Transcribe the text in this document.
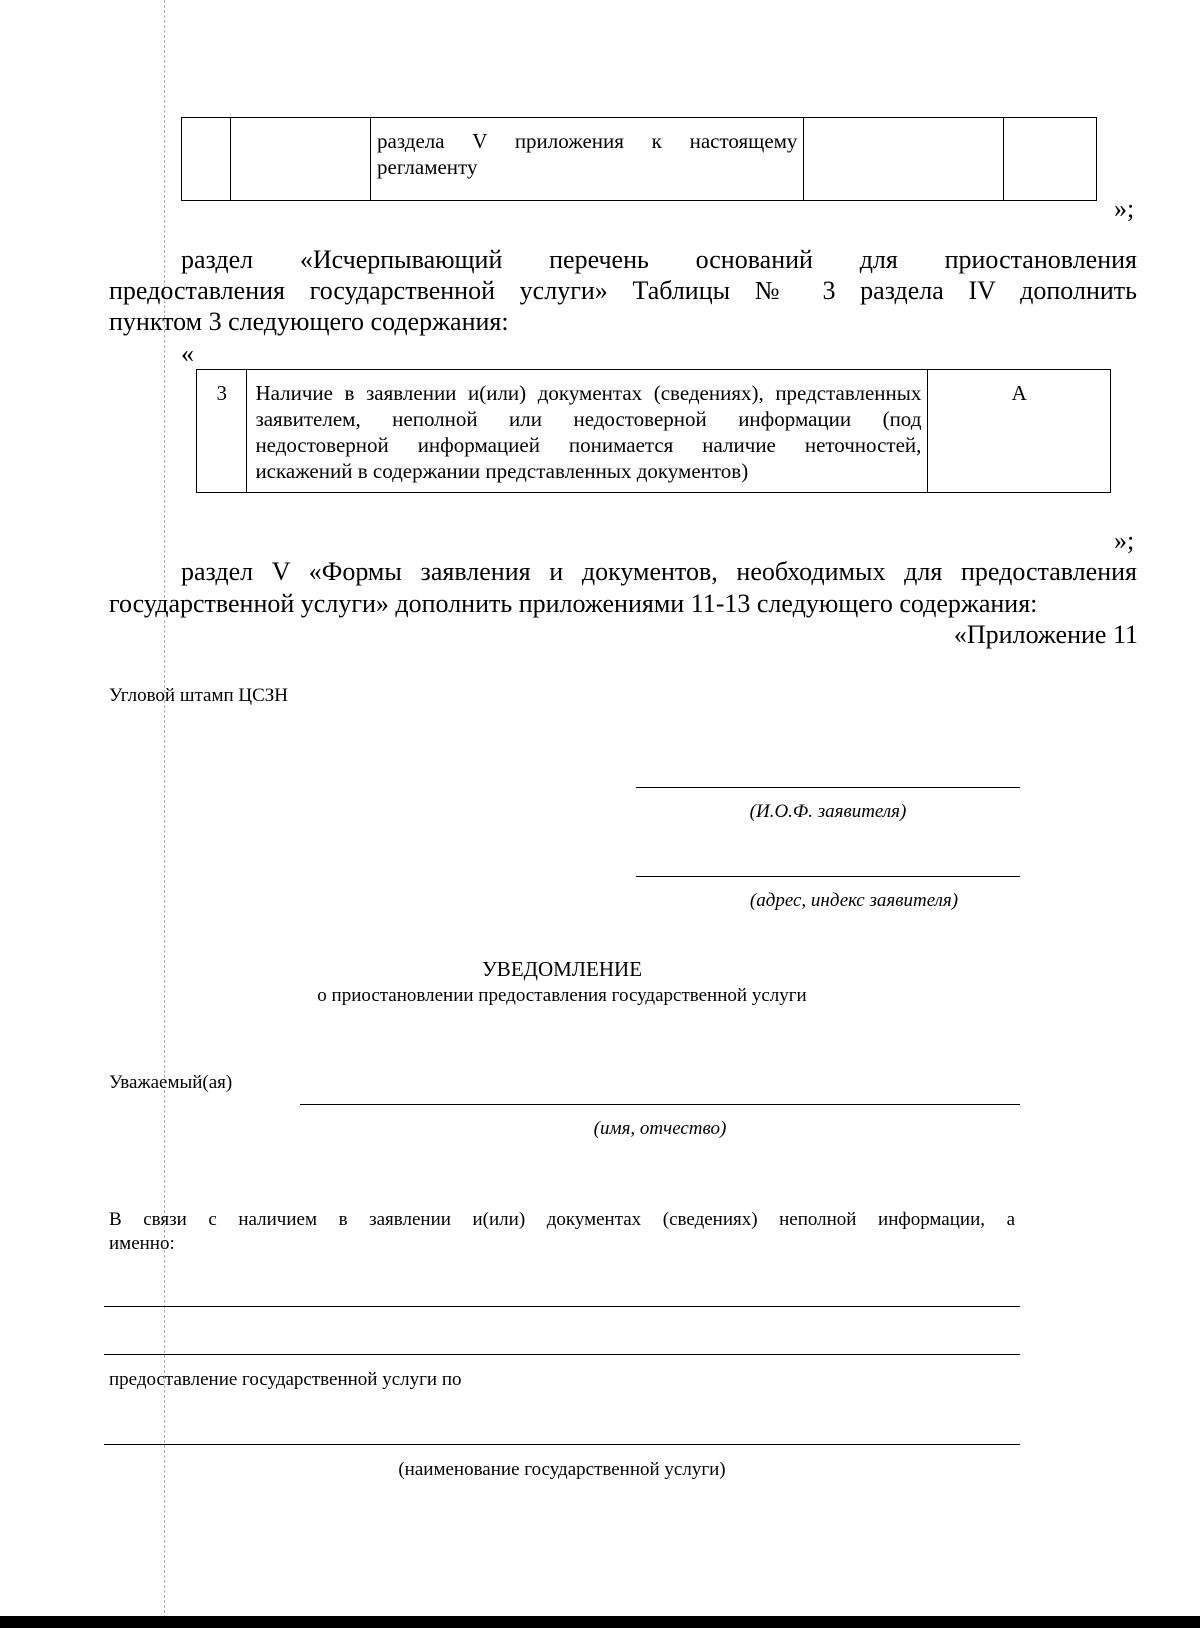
		раздела V приложения к настоящему регламенту		
»;
раздел «Исчерпывающий перечень оснований для приостановления
предоставления государственной услуги» Таблицы № 3 раздела IV дополнить
пунктом 3 следующего содержания:
«
3	Наличие в заявлении и(или) документах (сведениях), представленных заявителем, неполной или недостоверной информации (под недостоверной информацией понимается наличие неточностей, искажений в содержании представленных документов)	А
»;
раздел V «Формы заявления и документов, необходимых для предоставления
государственной услуги» дополнить приложениями 11-13 следующего содержания:
«Приложение 11
Угловой штамп ЦСЗН
(И.О.Ф. заявителя)
(адрес, индекс заявителя)
УВЕДОМЛЕНИЕ
о приостановлении предоставления государственной услуги
Уважаемый(ая)
(имя, отчество)
В связи с наличием в заявлении и(или) документах (сведениях) неполной информации, а
именно:
предоставление государственной услуги по
(наименование государственной услуги)
